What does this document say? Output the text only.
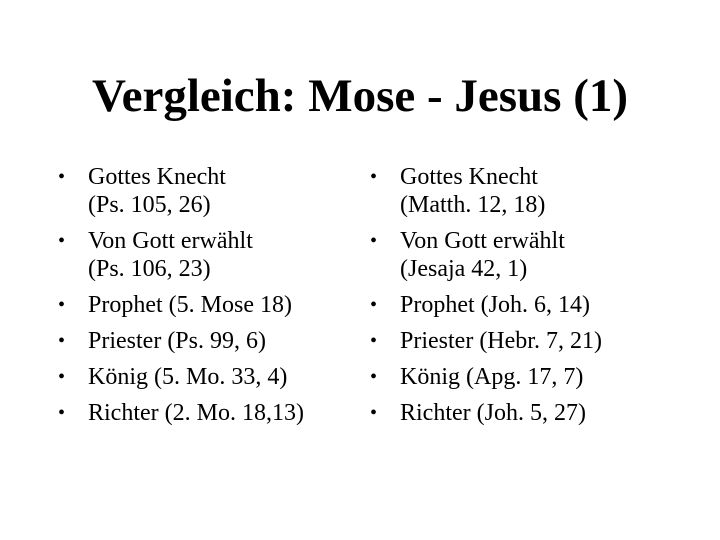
Vergleich: Mose - Jesus (1)
• Gottes Knecht
(Ps. 105, 26)
• Von Gott erwählt
(Ps. 106, 23)
• Prophet (5. Mose 18)
• Priester (Ps. 99, 6)
• König (5. Mo. 33, 4)
• Richter (2. Mo. 18,13)
• Gottes Knecht
(Matth. 12, 18)
• Von Gott erwählt
(Jesaja 42, 1)
• Prophet (Joh. 6, 14)
• Priester (Hebr. 7, 21)
• König (Apg. 17, 7)
• Richter (Joh. 5, 27)
